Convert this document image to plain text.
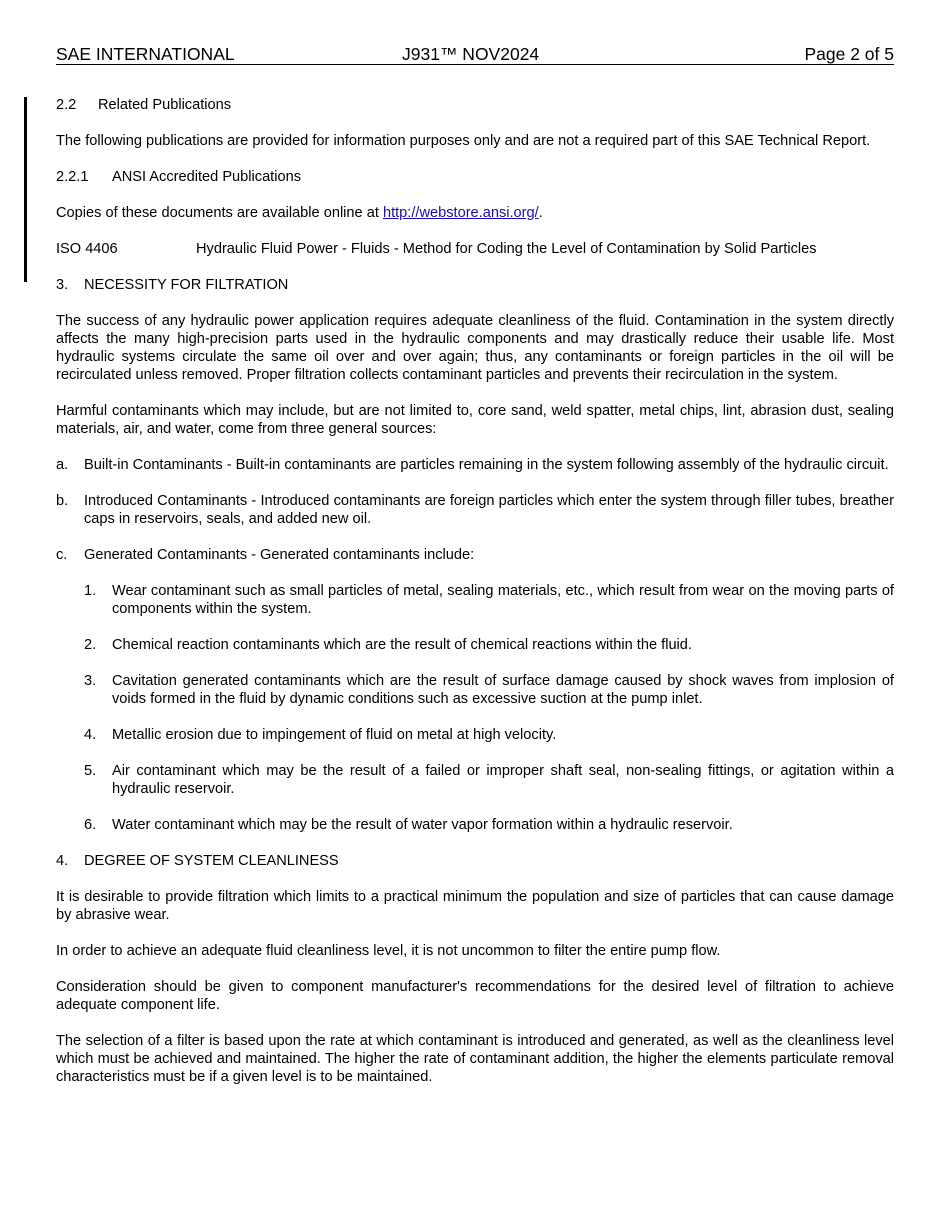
SAE INTERNATIONAL	J931™ NOV2024	Page 2 of 5
2.2	Related Publications

The following publications are provided for information purposes only and are not a required part of this SAE Technical Report.

2.2.1	ANSI Accredited Publications

Copies of these documents are available online at http://webstore.ansi.org/.

ISO 4406	Hydraulic Fluid Power - Fluids - Method for Coding the Level of Contamination by Solid Particles
3.	NECESSITY FOR FILTRATION

The success of any hydraulic power application requires adequate cleanliness of the fluid. Contamination in the system directly affects the many high-precision parts used in the hydraulic components and may drastically reduce their usable life. Most hydraulic systems circulate the same oil over and over again; thus, any contaminants or foreign particles in the oil will be recirculated unless removed. Proper filtration collects contaminant particles and prevents their recirculation in the system.

Harmful contaminants which may include, but are not limited to, core sand, weld spatter, metal chips, lint, abrasion dust, sealing materials, air, and water, come from three general sources:

a.	Built-in Contaminants - Built-in contaminants are particles remaining in the system following assembly of the hydraulic circuit.
b.	Introduced Contaminants - Introduced contaminants are foreign particles which enter the system through filler tubes, breather caps in reservoirs, seals, and added new oil.
c.	Generated Contaminants - Generated contaminants include:
1.	Wear contaminant such as small particles of metal, sealing materials, etc., which result from wear on the moving parts of components within the system.
2.	Chemical reaction contaminants which are the result of chemical reactions within the fluid.
3.	Cavitation generated contaminants which are the result of surface damage caused by shock waves from implosion of voids formed in the fluid by dynamic conditions such as excessive suction at the pump inlet.
4.	Metallic erosion due to impingement of fluid on metal at high velocity.
5.	Air contaminant which may be the result of a failed or improper shaft seal, non-sealing fittings, or agitation within a hydraulic reservoir.
6.	Water contaminant which may be the result of water vapor formation within a hydraulic reservoir.
4.	DEGREE OF SYSTEM CLEANLINESS

It is desirable to provide filtration which limits to a practical minimum the population and size of particles that can cause damage by abrasive wear.

In order to achieve an adequate fluid cleanliness level, it is not uncommon to filter the entire pump flow.

Consideration should be given to component manufacturer's recommendations for the desired level of filtration to achieve adequate component life.

The selection of a filter is based upon the rate at which contaminant is introduced and generated, as well as the cleanliness level which must be achieved and maintained. The higher the rate of contaminant addition, the higher the elements particulate removal characteristics must be if a given level is to be maintained.
